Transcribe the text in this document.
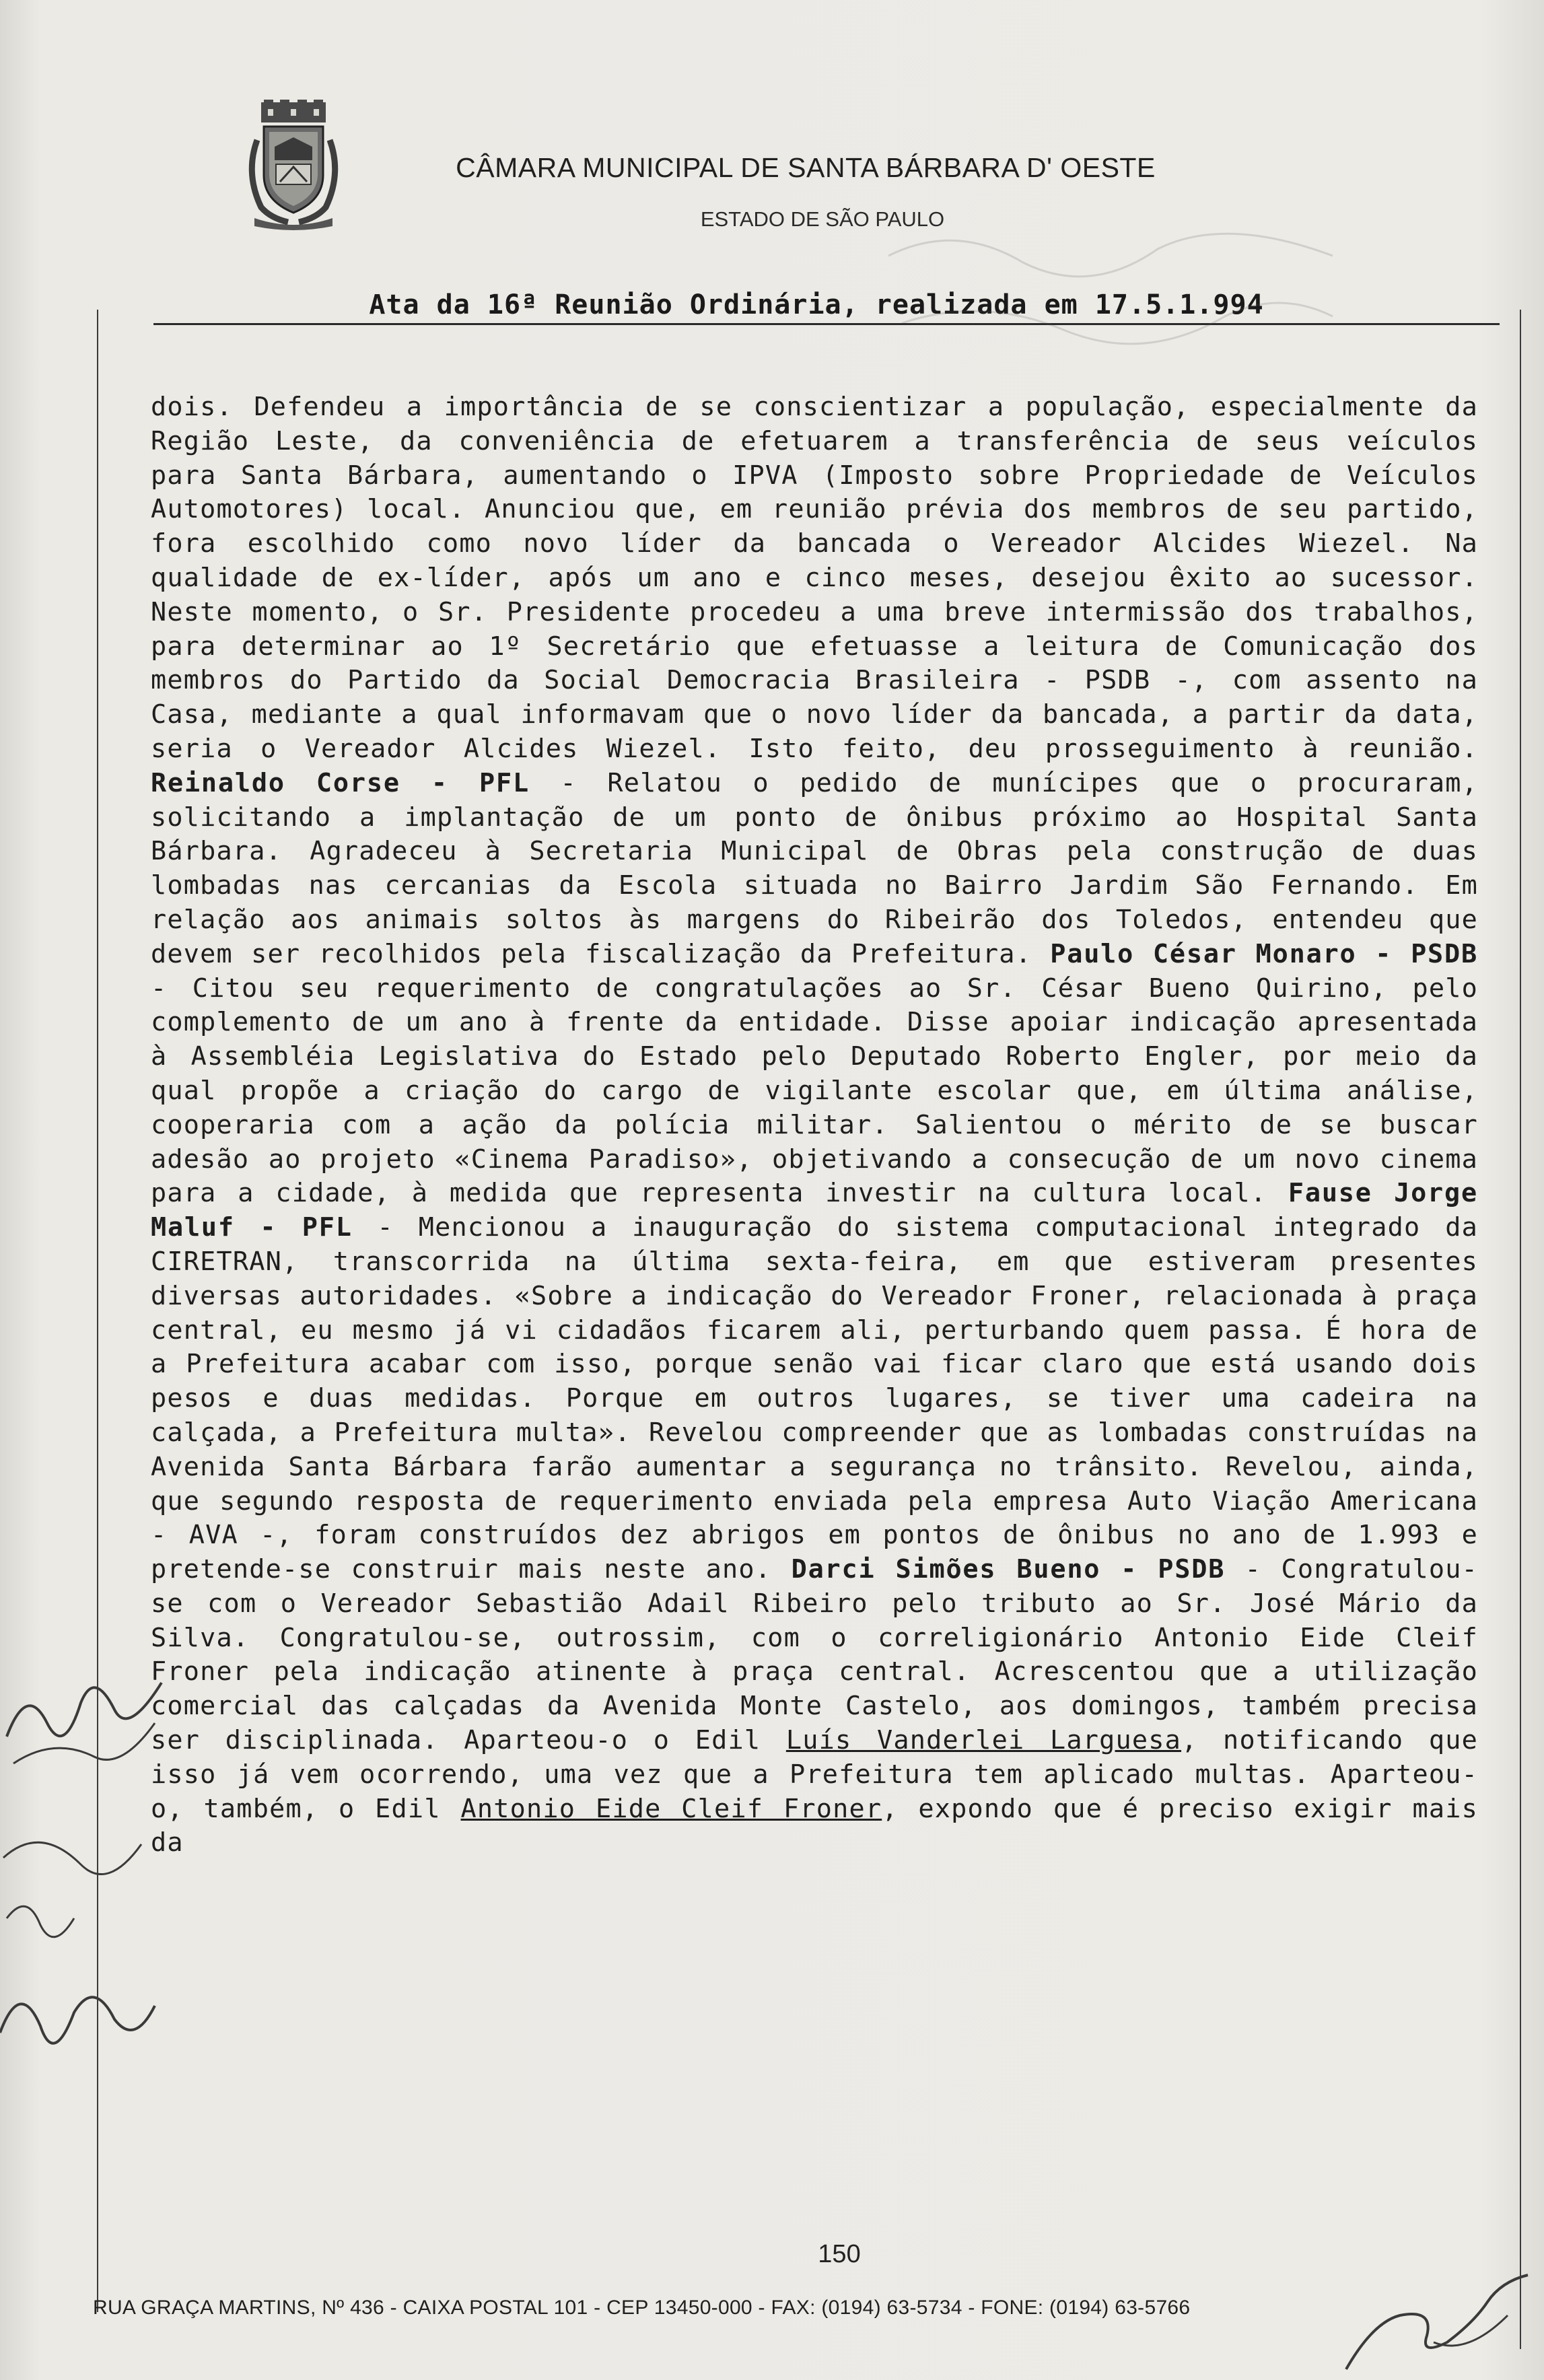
CÂMARA MUNICIPAL DE SANTA BÁRBARA D' OESTE
ESTADO DE SÃO PAULO
Ata da 16ª Reunião Ordinária, realizada em 17.5.1.994
dois. Defendeu a importância de se conscientizar a população, especialmente da Região Leste, da conveniência de efetuarem a transferência de seus veículos para Santa Bárbara, aumentando o IPVA (Imposto sobre Propriedade de Veículos Automotores) local. Anunciou que, em reunião prévia dos membros de seu partido, fora escolhido como novo líder da bancada o Vereador Alcides Wiezel. Na qualidade de ex-líder, após um ano e cinco meses, desejou êxito ao sucessor. Neste momento, o Sr. Presidente procedeu a uma breve intermissão dos trabalhos, para determinar ao 1º Secretário que efetuasse a leitura de Comunicação dos membros do Partido da Social Democracia Brasileira - PSDB -, com assento na Casa, mediante a qual informavam que o novo líder da bancada, a partir da data, seria o Vereador Alcides Wiezel. Isto feito, deu prosseguimento à reunião. Reinaldo Corse - PFL - Relatou o pedido de munícipes que o procuraram, solicitando a implantação de um ponto de ônibus próximo ao Hospital Santa Bárbara. Agradeceu à Secretaria Municipal de Obras pela construção de duas lombadas nas cercanias da Escola situada no Bairro Jardim São Fernando. Em relação aos animais soltos às margens do Ribeirão dos Toledos, entendeu que devem ser recolhidos pela fiscalização da Prefeitura. Paulo César Monaro - PSDB - Citou seu requerimento de congratulações ao Sr. César Bueno Quirino, pelo complemento de um ano à frente da entidade. Disse apoiar indicação apresentada à Assembléia Legislativa do Estado pelo Deputado Roberto Engler, por meio da qual propõe a criação do cargo de vigilante escolar que, em última análise, cooperaria com a ação da polícia militar. Salientou o mérito de se buscar adesão ao projeto «Cinema Paradiso», objetivando a consecução de um novo cinema para a cidade, à medida que representa investir na cultura local. Fause Jorge Maluf - PFL - Mencionou a inauguração do sistema computacional integrado da CIRETRAN, transcorrida na última sexta-feira, em que estiveram presentes diversas autoridades. «Sobre a indicação do Vereador Froner, relacionada à praça central, eu mesmo já vi cidadãos ficarem ali, perturbando quem passa. É hora de a Prefeitura acabar com isso, porque senão vai ficar claro que está usando dois pesos e duas medidas. Porque em outros lugares, se tiver uma cadeira na calçada, a Prefeitura multa». Revelou compreender que as lombadas construídas na Avenida Santa Bárbara farão aumentar a segurança no trânsito. Revelou, ainda, que segundo resposta de requerimento enviada pela empresa Auto Viação Americana - AVA -, foram construídos dez abrigos em pontos de ônibus no ano de 1.993 e pretende-se construir mais neste ano. Darci Simões Bueno - PSDB - Congratulou-se com o Vereador Sebastião Adail Ribeiro pelo tributo ao Sr. José Mário da Silva. Congratulou-se, outrossim, com o correligionário Antonio Eide Cleif Froner pela indicação atinente à praça central. Acrescentou que a utilização comercial das calçadas da Avenida Monte Castelo, aos domingos, também precisa ser disciplinada. Aparteou-o o Edil Luís Vanderlei Larguesa, notificando que isso já vem ocorrendo, uma vez que a Prefeitura tem aplicado multas. Aparteou-o, também, o Edil Antonio Eide Cleif Froner, expondo que é preciso exigir mais da
150
RUA GRAÇA MARTINS, Nº 436 - CAIXA POSTAL 101 - CEP 13450-000 - FAX: (0194) 63-5734 - FONE: (0194) 63-5766
